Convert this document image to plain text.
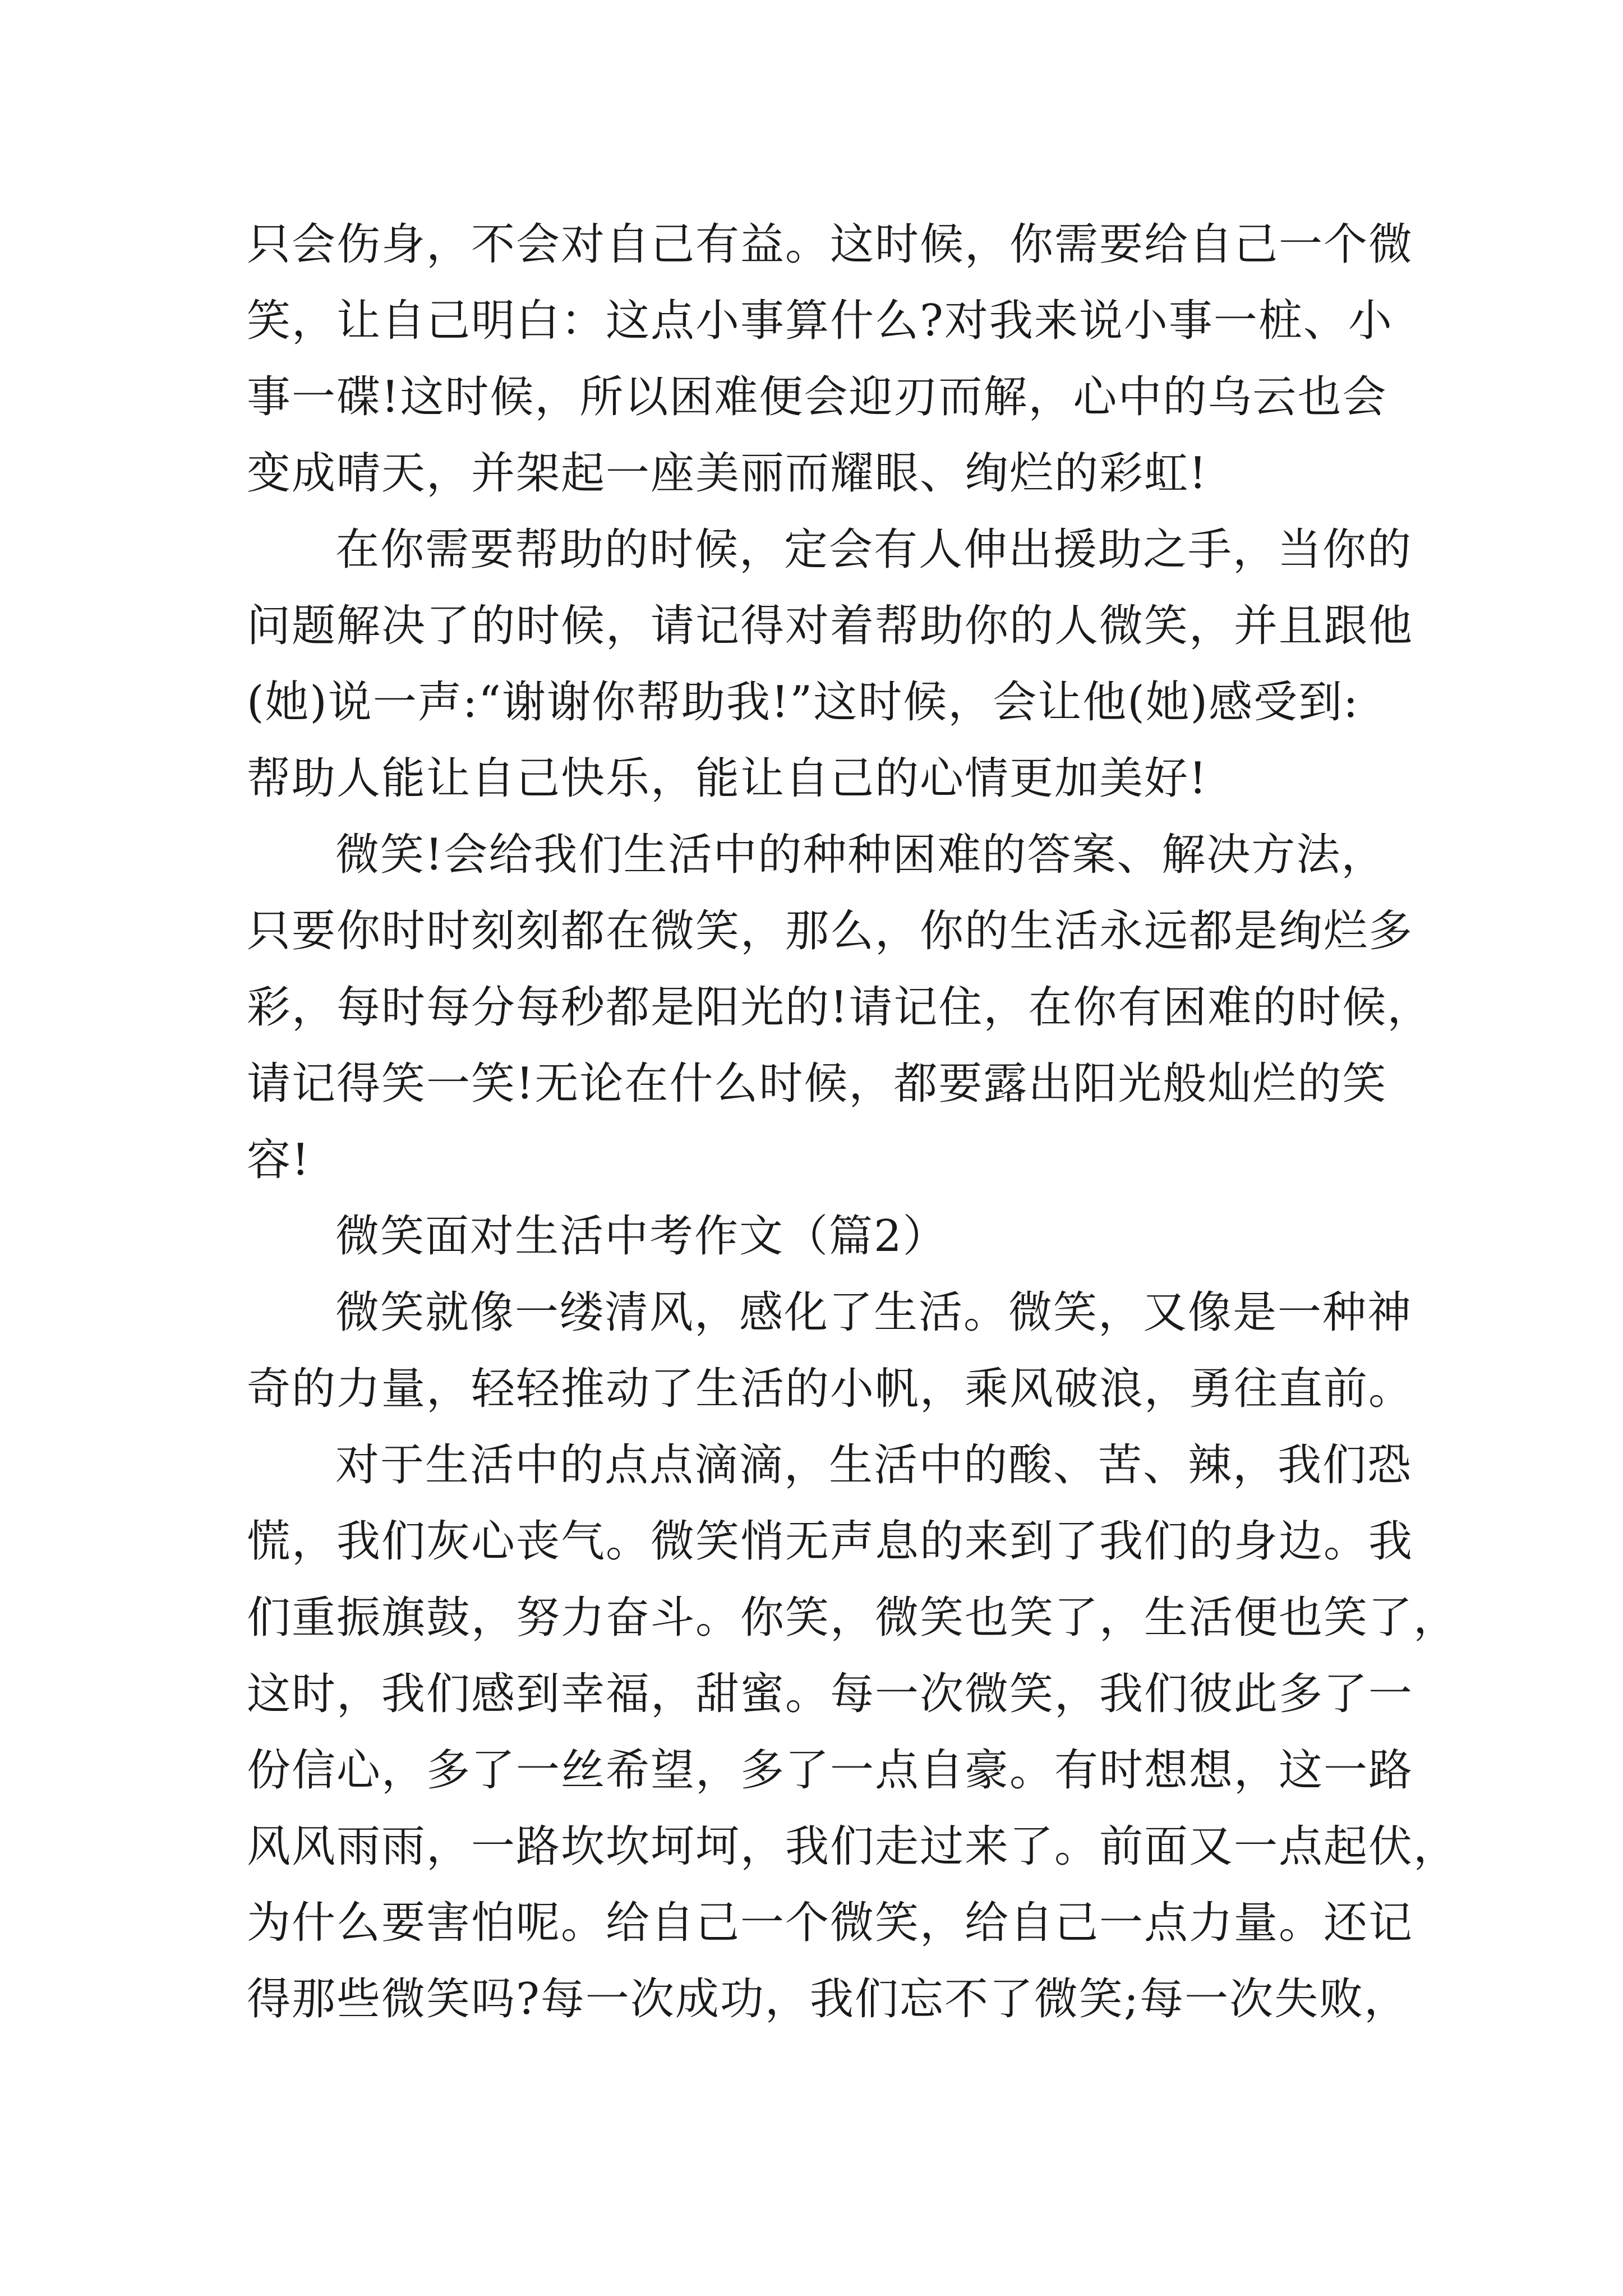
只会伤身，不会对自己有益。这时候，你需要给自己一个微
笑，让自己明白：这点小事算什么?对我来说小事一桩、小
事一碟!这时候，所以困难便会迎刃而解，心中的乌云也会
变成晴天，并架起一座美丽而耀眼、绚烂的彩虹!
在你需要帮助的时候，定会有人伸出援助之手，当你的
问题解决了的时候，请记得对着帮助你的人微笑，并且跟他
(她)说一声:“谢谢你帮助我!”这时候，会让他(她)感受到:
帮助人能让自己快乐，能让自己的心情更加美好!
微笑!会给我们生活中的种种困难的答案、解决方法，
只要你时时刻刻都在微笑，那么，你的生活永远都是绚烂多
彩，每时每分每秒都是阳光的!请记住，在你有困难的时候，
请记得笑一笑!无论在什么时候，都要露出阳光般灿烂的笑
容!
微笑面对生活中考作文（篇2）
微笑就像一缕清风，感化了生活。微笑，又像是一种神
奇的力量，轻轻推动了生活的小帆，乘风破浪，勇往直前。
对于生活中的点点滴滴，生活中的酸、苦、辣，我们恐
慌，我们灰心丧气。微笑悄无声息的来到了我们的身边。我
们重振旗鼓，努力奋斗。你笑，微笑也笑了，生活便也笑了，
这时，我们感到幸福，甜蜜。每一次微笑，我们彼此多了一
份信心，多了一丝希望，多了一点自豪。有时想想，这一路
风风雨雨，一路坎坎坷坷，我们走过来了。前面又一点起伏，
为什么要害怕呢。给自己一个微笑，给自己一点力量。还记
得那些微笑吗?每一次成功，我们忘不了微笑;每一次失败，
